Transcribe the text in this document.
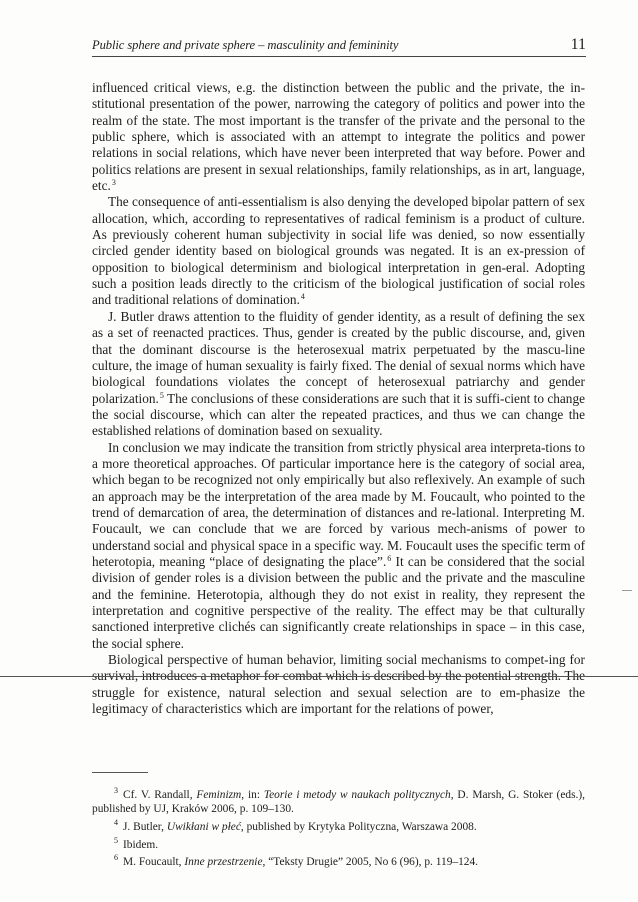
Public sphere and private sphere – masculinity and femininity	11

influenced critical views, e.g. the distinction between the public and the private, the in-stitutional presentation of the power, narrowing the category of politics and power into the realm of the state. The most important is the transfer of the private and the personal to the public sphere, which is associated with an attempt to integrate the politics and power relations in social relations, which have never been interpreted that way before. Power and politics relations are present in sexual relationships, family relationships, as in art, language, etc.$^3$

The consequence of anti-essentialism is also denying the developed bipolar pattern of sex allocation, which, according to representatives of radical feminism is a product of culture. As previously coherent human subjectivity in social life was denied, so now essentially circled gender identity based on biological grounds was negated. It is an ex-pression of opposition to biological determinism and biological interpretation in gen-eral. Adopting such a position leads directly to the criticism of the biological justification of social roles and traditional relations of domination.$^4$

J. Butler draws attention to the fluidity of gender identity, as a result of defining the sex as a set of reenacted practices. Thus, gender is created by the public discourse, and, given that the dominant discourse is the heterosexual matrix perpetuated by the mascu-line culture, the image of human sexuality is fairly fixed. The denial of sexual norms which have biological foundations violates the concept of heterosexual patriarchy and gender polarization.$^5$ The conclusions of these considerations are such that it is suffi-cient to change the social discourse, which can alter the repeated practices, and thus we can change the established relations of domination based on sexuality.

In conclusion we may indicate the transition from strictly physical area interpreta-tions to a more theoretical approaches. Of particular importance here is the category of social area, which began to be recognized not only empirically but also reflexively. An example of such an approach may be the interpretation of the area made by M. Foucault, who pointed to the trend of demarcation of area, the determination of distances and re-lational. Interpreting M. Foucault, we can conclude that we are forced by various mech-anisms of power to understand social and physical space in a specific way. M. Foucault uses the specific term of heterotopia, meaning “place of designating the place”.$^6$ It can be considered that the social division of gender roles is a division between the public and the private and the masculine and the feminine. Heterotopia, although they do not exist in reality, they represent the interpretation and cognitive perspective of the reality. The effect may be that culturally sanctioned interpretive clichés can significantly create relationships in space – in this case, the social sphere.

Biological perspective of human behavior, limiting social mechanisms to compet-ing for survival, introduces a metaphor for combat which is described by the potential strength. The struggle for existence, natural selection and sexual selection are to em-phasize the legitimacy of characteristics which are important for the relations of power,

$^3$ Cf. V. Randall, Feminizm, in: Teorie i metody w naukach politycznych, D. Marsh, G. Stoker (eds.), published by UJ, Kraków 2006, p. 109–130.

$^4$ J. Butler, Uwikłani w płeć, published by Krytyka Polityczna, Warszawa 2008.

$^5$ Ibidem.

$^6$ M. Foucault, Inne przestrzenie, “Teksty Drugie” 2005, No 6 (96), p. 119–124.
